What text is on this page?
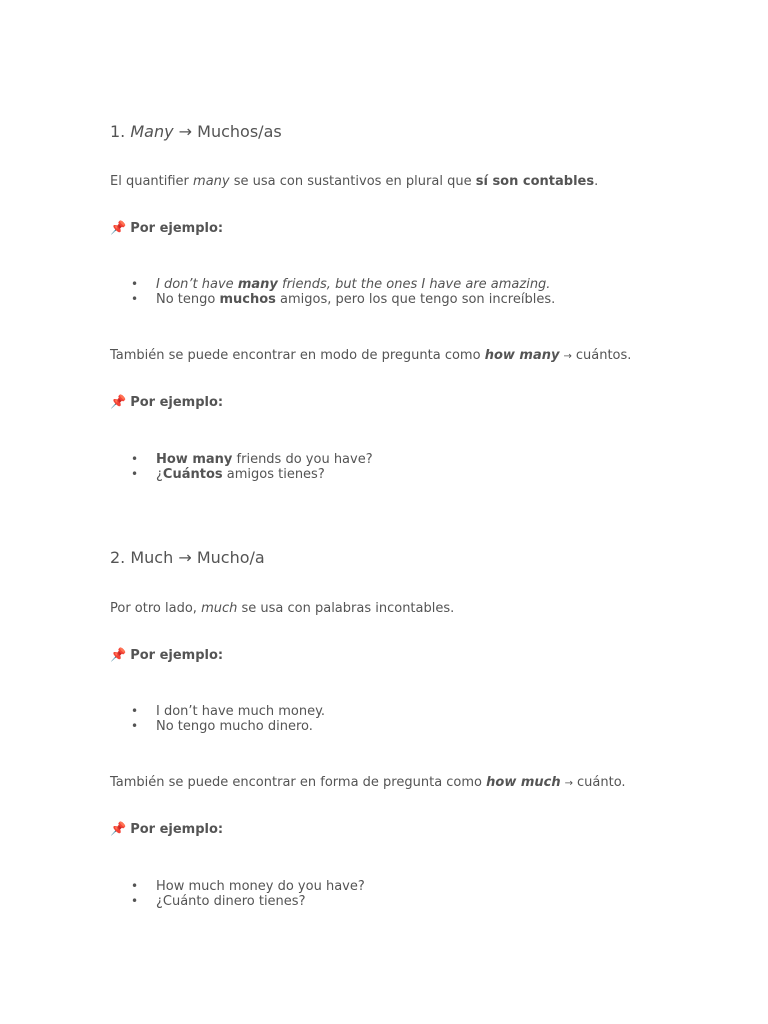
1. Many → Muchos/as

El quantifier many se usa con sustantivos en plural que sí son contables.

📌 Por ejemplo:
• I don’t have many friends, but the ones I have are amazing.
• No tengo muchos amigos, pero los que tengo son increíbles.

También se puede encontrar en modo de pregunta como how many → cuántos.

📌 Por ejemplo:
• How many friends do you have?
• ¿Cuántos amigos tienes?
2. Much → Mucho/a

Por otro lado, much se usa con palabras incontables.

📌 Por ejemplo:
• I don’t have much money.
• No tengo mucho dinero.

También se puede encontrar en forma de pregunta como how much → cuánto.

📌 Por ejemplo:
• How much money do you have?
• ¿Cuánto dinero tienes?
